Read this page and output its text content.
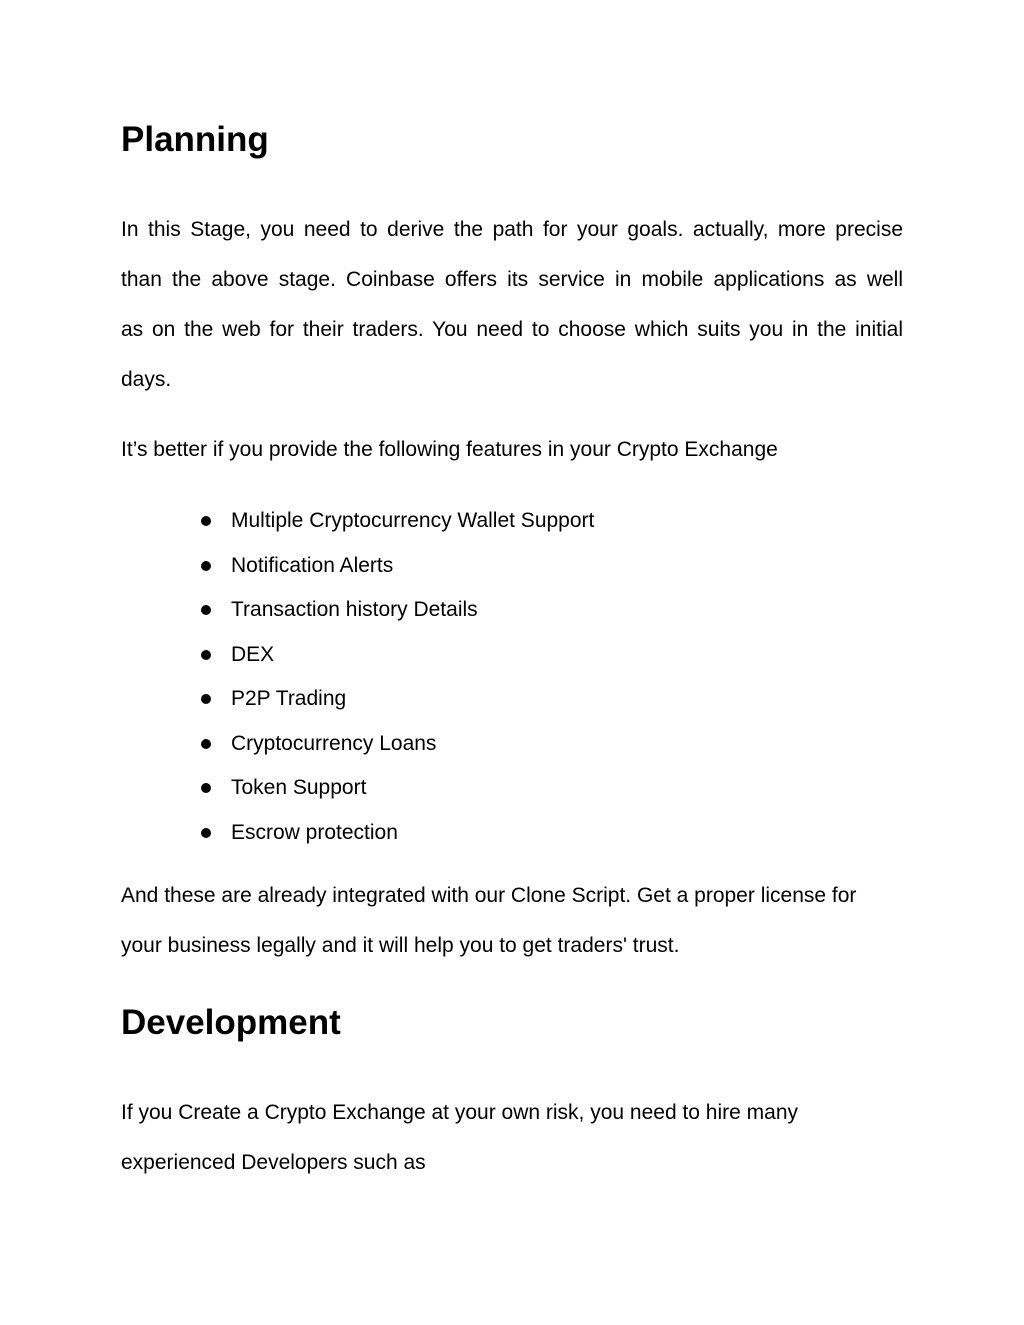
Planning
In this Stage, you need to derive the path for your goals. actually, more precise
than the above stage. Coinbase offers its service in mobile applications as well
as on the web for their traders. You need to choose which suits you in the initial
days.

It’s better if you provide the following features in your Crypto Exchange

Multiple Cryptocurrency Wallet Support
Notification Alerts
Transaction history Details
DEX
P2P Trading
Cryptocurrency Loans
Token Support
Escrow protection
And these are already integrated with our Clone Script. Get a proper license for
your business legally and it will help you to get traders' trust.
Development
If you Create a Crypto Exchange at your own risk, you need to hire many
experienced Developers such as
